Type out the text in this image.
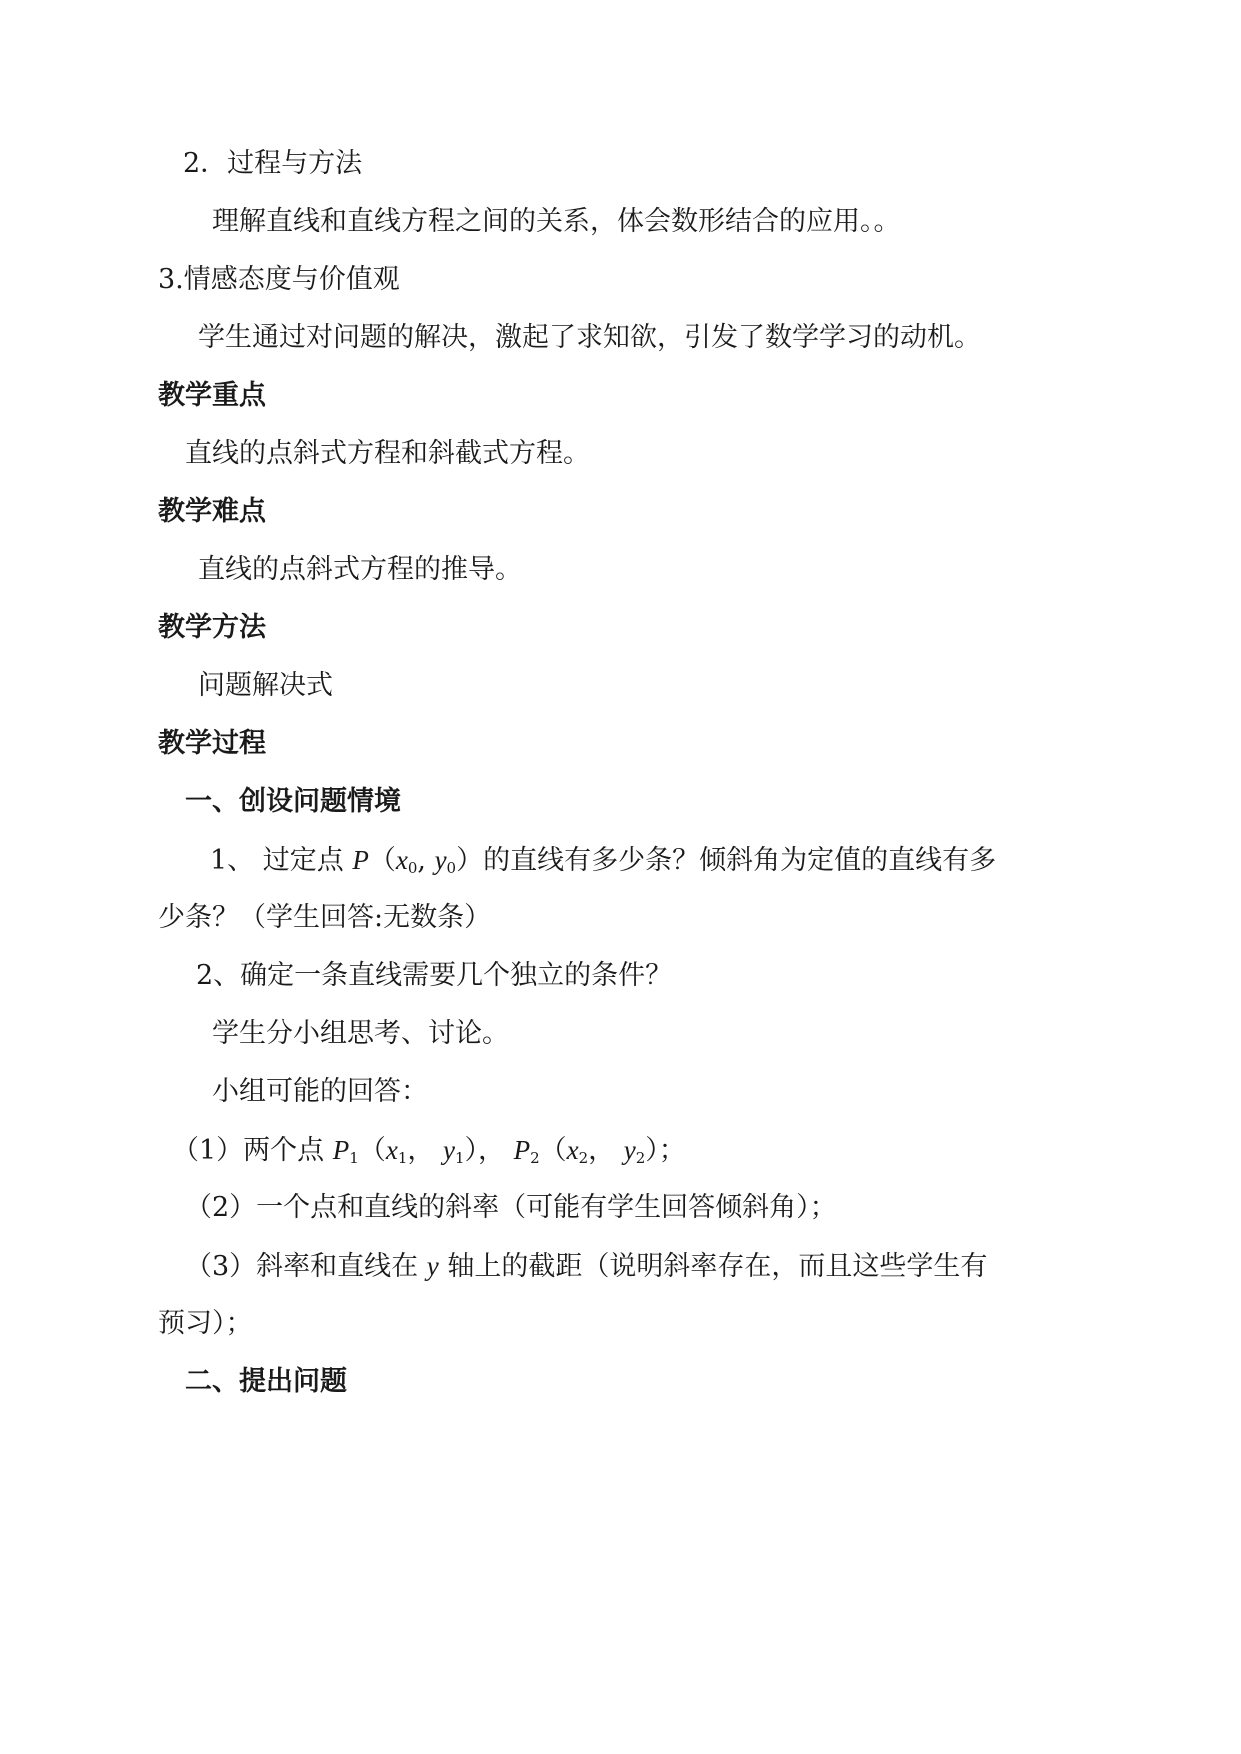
2．过程与方法
理解直线和直线方程之间的关系，体会数形结合的应用。。
3.情感态度与价值观
学生通过对问题的解决，激起了求知欲，引发了数学学习的动机。
教学重点
直线的点斜式方程和斜截式方程。
教学难点
直线的点斜式方程的推导。
教学方法
问题解决式
教学过程
一、创设问题情境
1、 过定点 $P(x_0$, $y_0$）的直线有多少条？倾斜角为定值的直线有多
少条？（学生回答:无数条）
2、确定一条直线需要几个独立的条件？
学生分小组思考、讨论。
小组可能的回答：
（1）两个点 $P_1(x_1$， $y_1$）， $P_2(x_2$， $y_2$）；
（2）一个点和直线的斜率（可能有学生回答倾斜角）；
（3）斜率和直线在 y 轴上的截距（说明斜率存在，而且这些学生有
预习）；
二、提出问题
